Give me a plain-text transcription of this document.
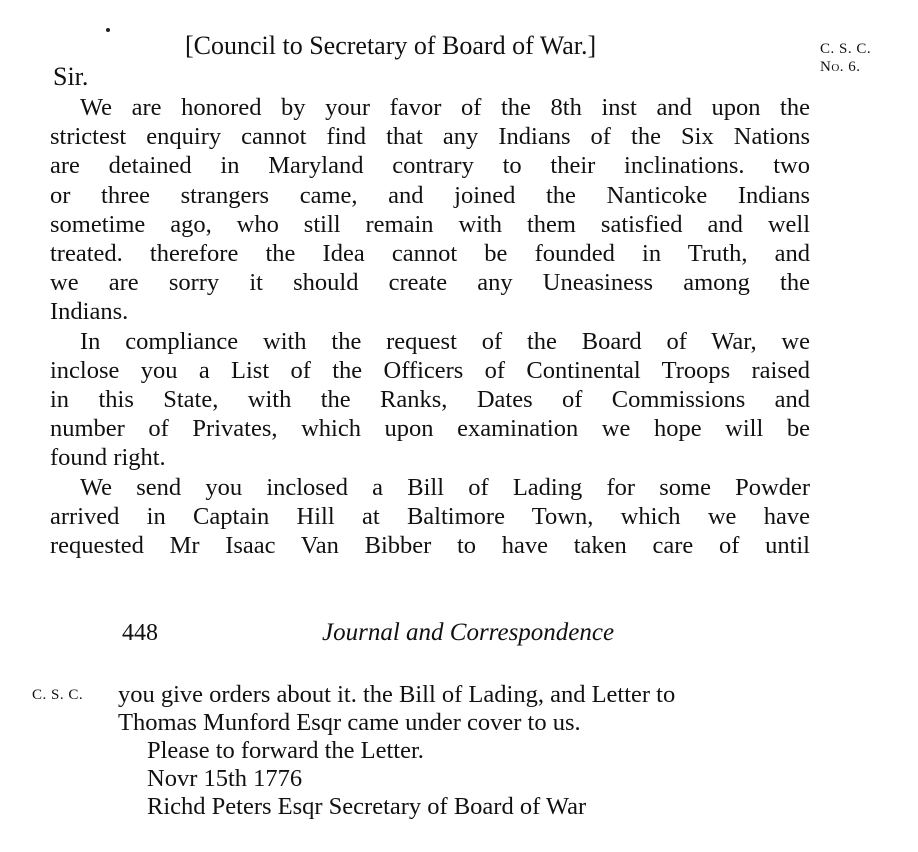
[Council to Secretary of Board of War.]	C. S. C.
No. 6.
Sir.
We are honored by your favor of the 8th inst and upon the
strictest enquiry cannot find that any Indians of the Six Nations
are detained in Maryland contrary to their inclinations. two
or three strangers came, and joined the Nanticoke Indians
sometime ago, who still remain with them satisfied and well
treated. therefore the Idea cannot be founded in Truth, and
we are sorry it should create any Uneasiness among the
Indians.
In compliance with the request of the Board of War, we
inclose you a List of the Officers of Continental Troops raised
in this State, with the Ranks, Dates of Commissions and
number of Privates, which upon examination we hope will be
found right.
We send you inclosed a Bill of Lading for some Powder
arrived in Captain Hill at Baltimore Town, which we have
requested Mr Isaac Van Bibber to have taken care of until
448	Journal and Correspondence
C. S. C. you give orders about it. the Bill of Lading, and Letter to
Thomas Munford Esqr came under cover to us.
Please to forward the Letter.
Novr 15th 1776
Richd Peters Esqr Secretary of Board of War
